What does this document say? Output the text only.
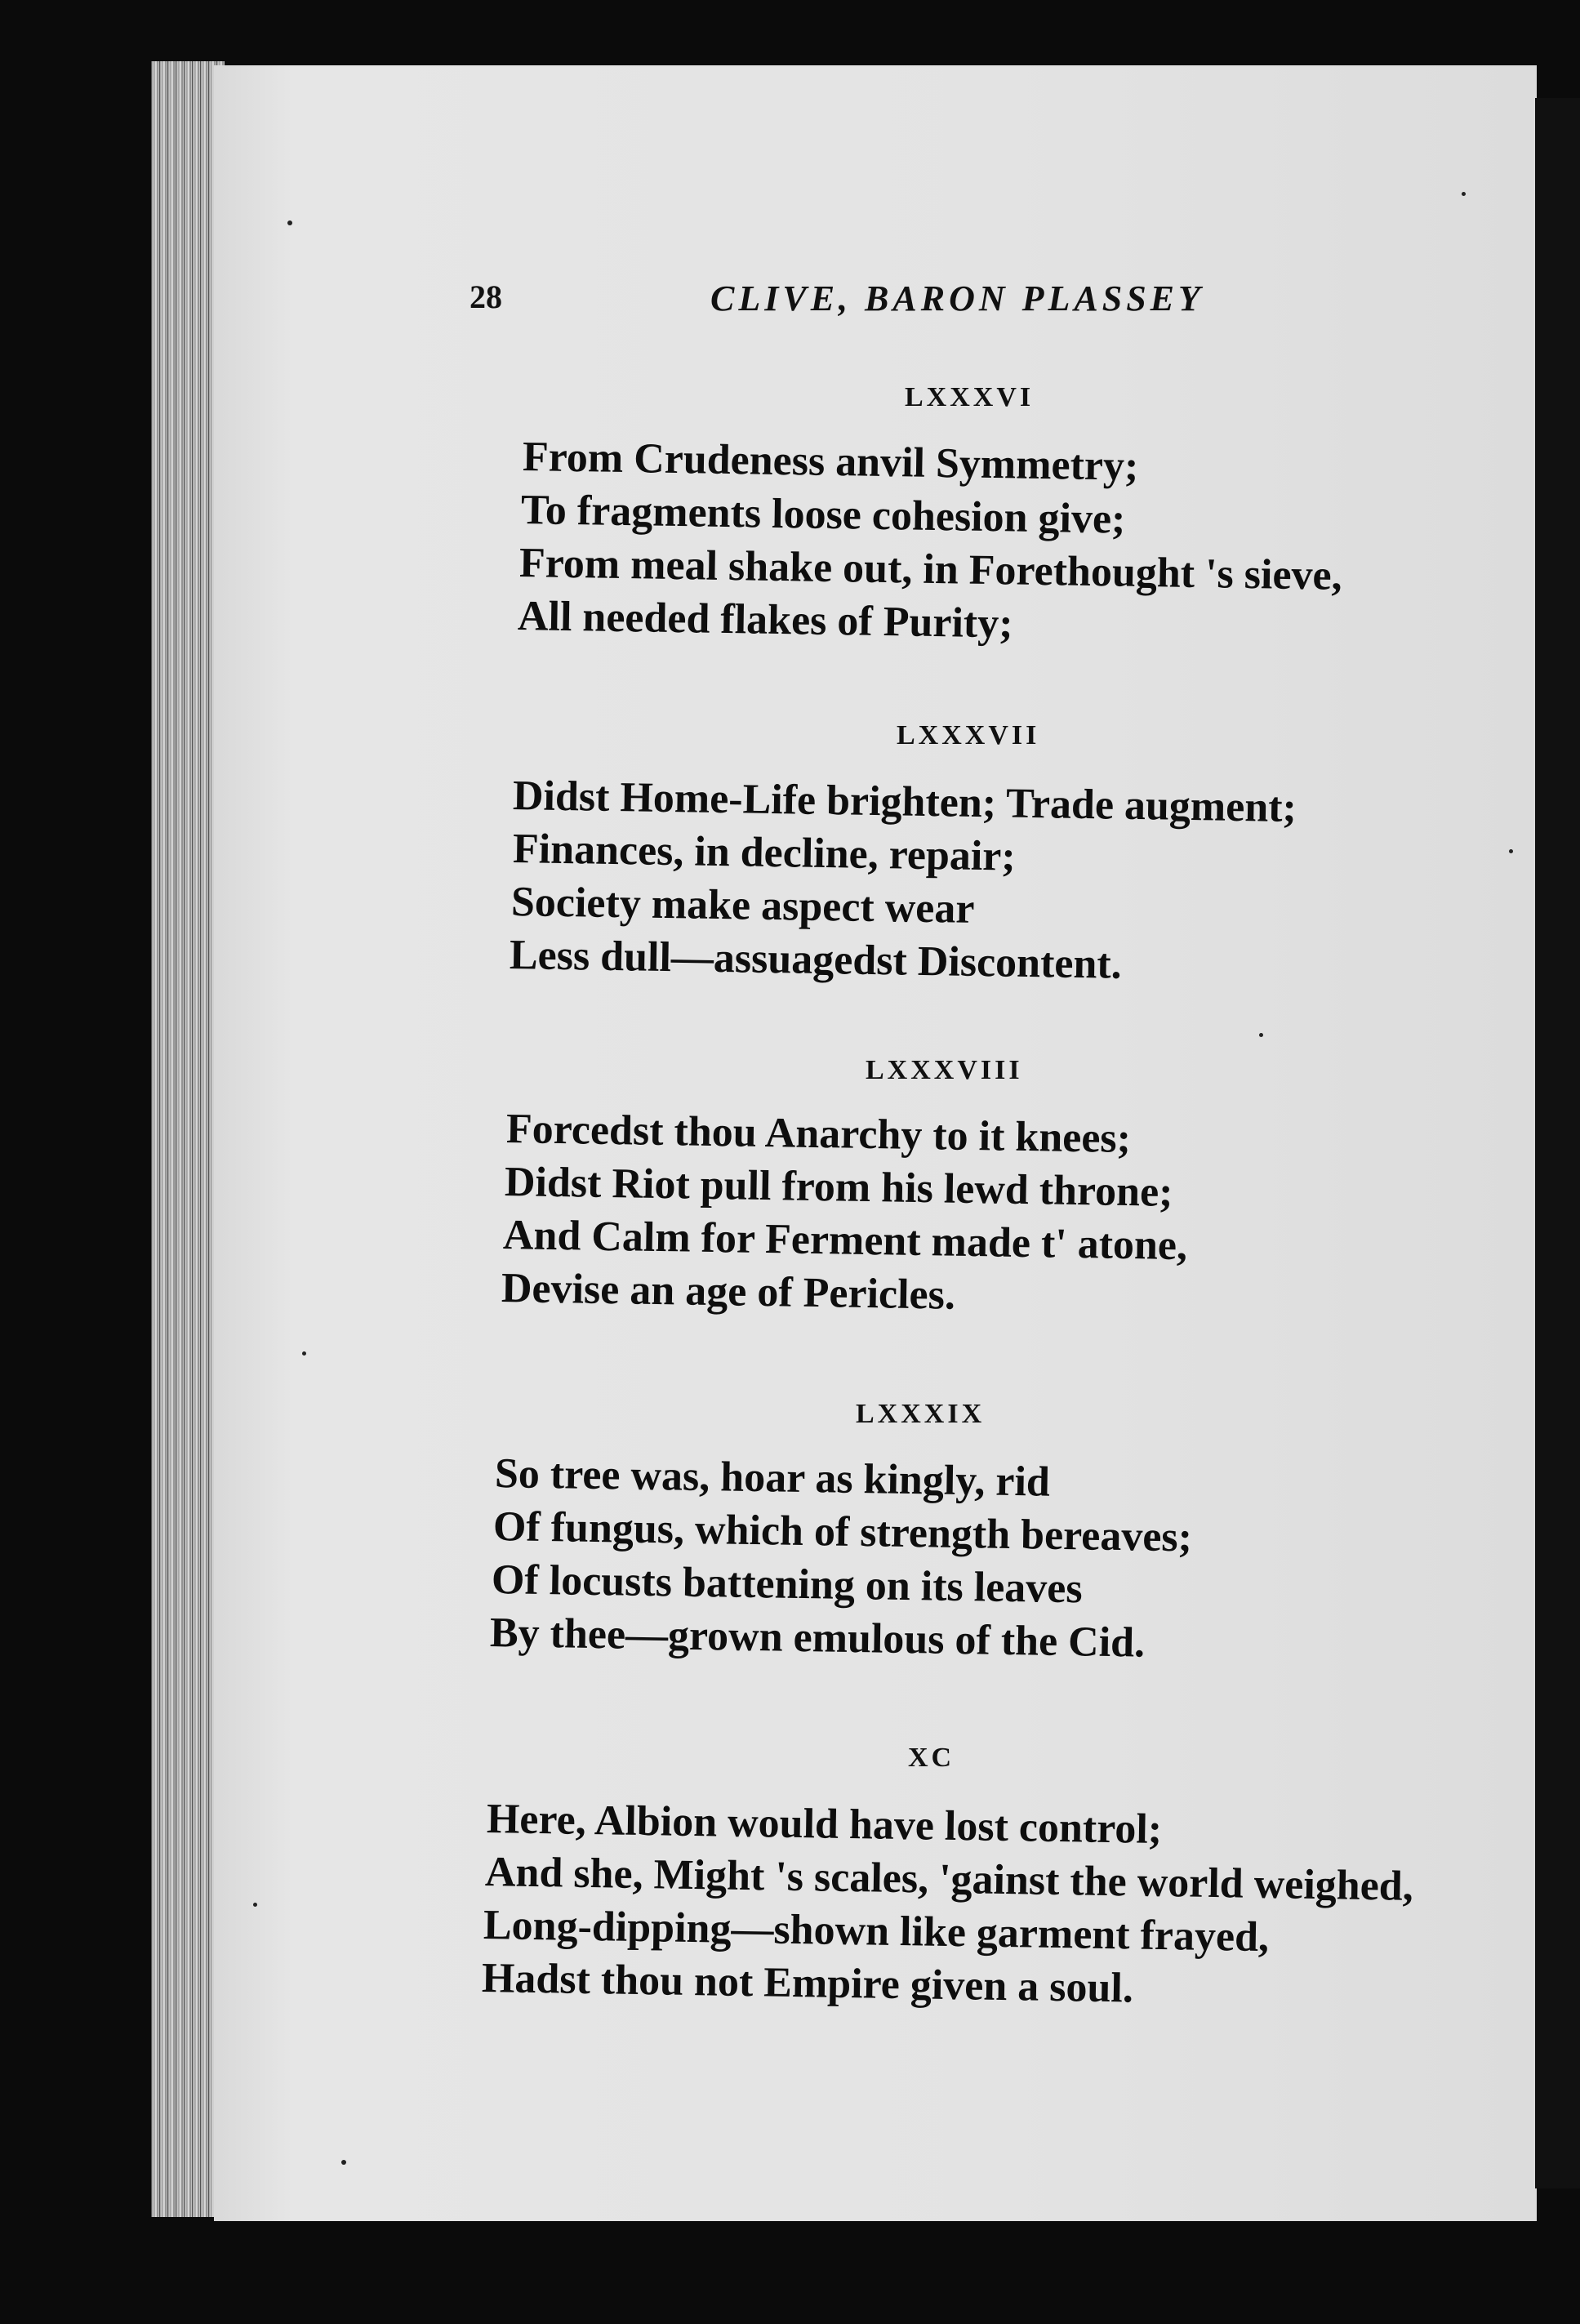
28	CLIVE, BARON PLASSEY
LXXXVI
From Crudeness anvil Symmetry;
To fragments loose cohesion give;
From meal shake out, in Forethought 's sieve,
All needed flakes of Purity;
LXXXVII
Didst Home-Life brighten; Trade augment;
Finances, in decline, repair;
Society make aspect wear
Less dull—assuagedst Discontent.
LXXXVIII
Forcedst thou Anarchy to it knees;
Didst Riot pull from his lewd throne;
And Calm for Ferment made t' atone,
Devise an age of Pericles.
LXXXIX
So tree was, hoar as kingly, rid
Of fungus, which of strength bereaves;
Of locusts battening on its leaves
By thee—grown emulous of the Cid.
XC
Here, Albion would have lost control;
And she, Might 's scales, 'gainst the world weighed,
Long-dipping—shown like garment frayed,
Hadst thou not Empire given a soul.
